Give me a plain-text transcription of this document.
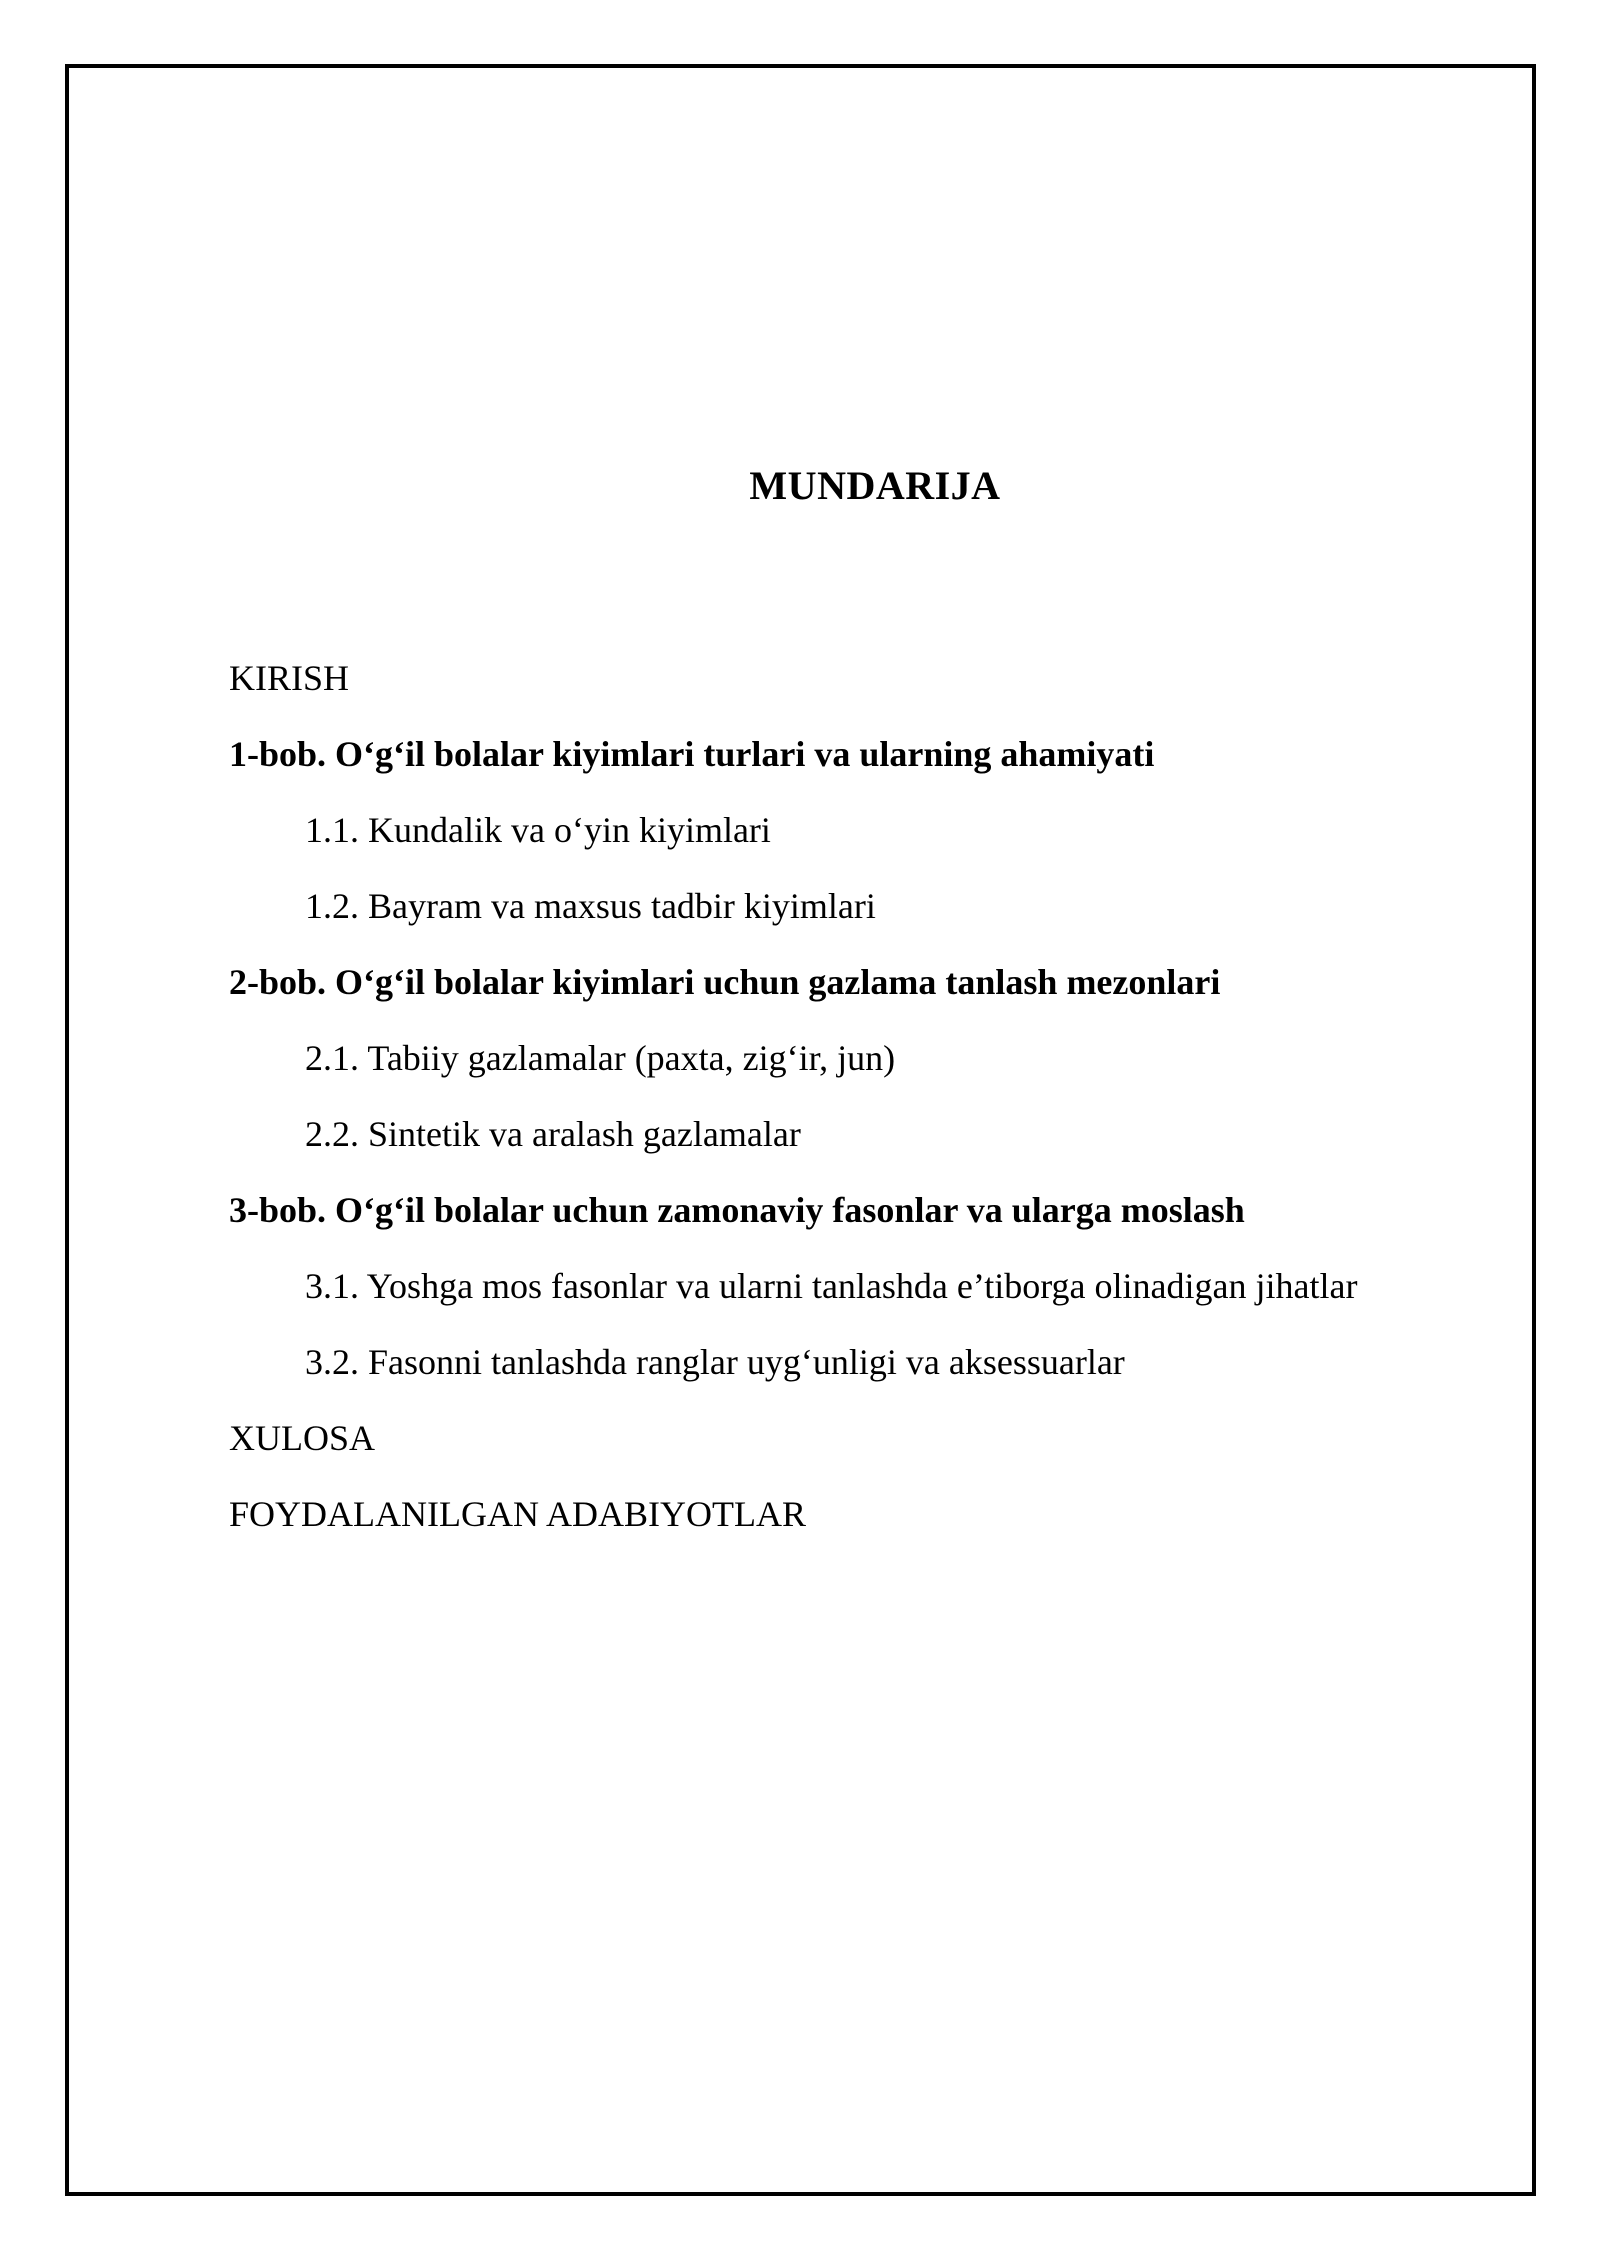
MUNDARIJA
KIRISH
1-bob. O‘g‘il bolalar kiyimlari turlari va ularning ahamiyati
1.1. Kundalik va o‘yin kiyimlari
1.2. Bayram va maxsus tadbir kiyimlari
2-bob. O‘g‘il bolalar kiyimlari uchun gazlama tanlash mezonlari
2.1. Tabiiy gazlamalar (paxta, zig‘ir, jun)
2.2. Sintetik va aralash gazlamalar
3-bob. O‘g‘il bolalar uchun zamonaviy fasonlar va ularga moslash
3.1. Yoshga mos fasonlar va ularni tanlashda e’tiborga olinadigan jihatlar
3.2. Fasonni tanlashda ranglar uyg‘unligi va aksessuarlar
XULOSA
FOYDALANILGAN ADABIYOTLAR
